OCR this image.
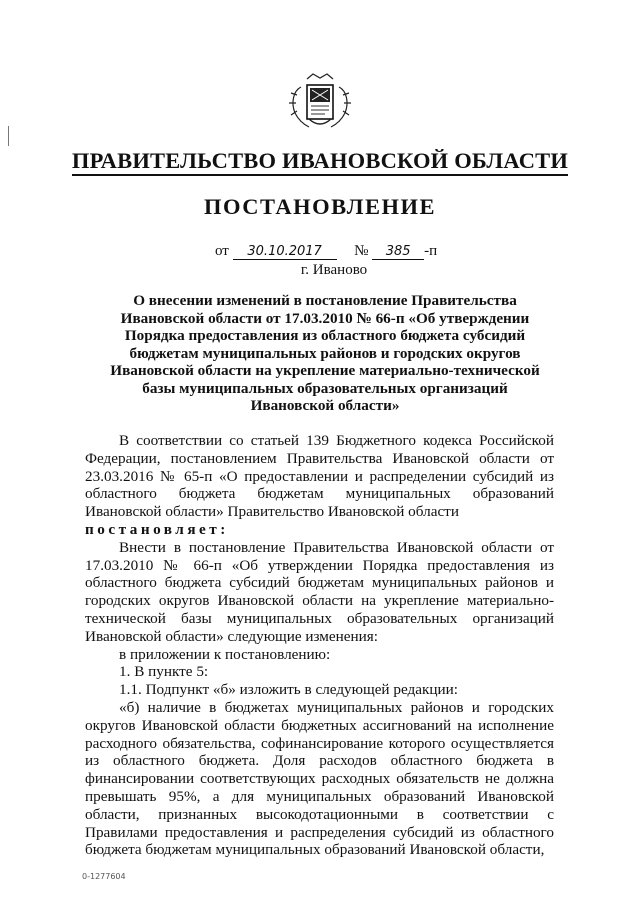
ПРАВИТЕЛЬСТВО ИВАНОВСКОЙ ОБЛАСТИ
ПОСТАНОВЛЕНИЕ
от 30.10.2017 № 385 -п
г. Иваново
О внесении изменений в постановление Правительства Ивановской области от 17.03.2010 № 66-п «Об утверждении Порядка предоставления из областного бюджета субсидий бюджетам муниципальных районов и городских округов Ивановской области на укрепление материально-технической базы муниципальных образовательных организаций Ивановской области»

В соответствии со статьей 139 Бюджетного кодекса Российской Федерации, постановлением Правительства Ивановской области от 23.03.2016 № 65-п «О предоставлении и распределении субсидий из областного бюджета бюджетам муниципальных образований Ивановской области» Правительство Ивановской области

постановляет:

Внести в постановление Правительства Ивановской области от 17.03.2010 № 66-п «Об утверждении Порядка предоставления из областного бюджета субсидий бюджетам муниципальных районов и городских округов Ивановской области на укрепление материально-технической базы муниципальных образовательных организаций Ивановской области» следующие изменения:

в приложении к постановлению:

1. В пункте 5:

1.1. Подпункт «б» изложить в следующей редакции:

«б) наличие в бюджетах муниципальных районов и городских округов Ивановской области бюджетных ассигнований на исполнение расходного обязательства, софинансирование которого осуществляется из областного бюджета. Доля расходов областного бюджета в финансировании соответствующих расходных обязательств не должна превышать 95%, а для муниципальных образований Ивановской области, признанных высокодотационными в соответствии с Правилами предоставления и распределения субсидий из областного бюджета бюджетам муниципальных образований Ивановской области,

0-1277604
